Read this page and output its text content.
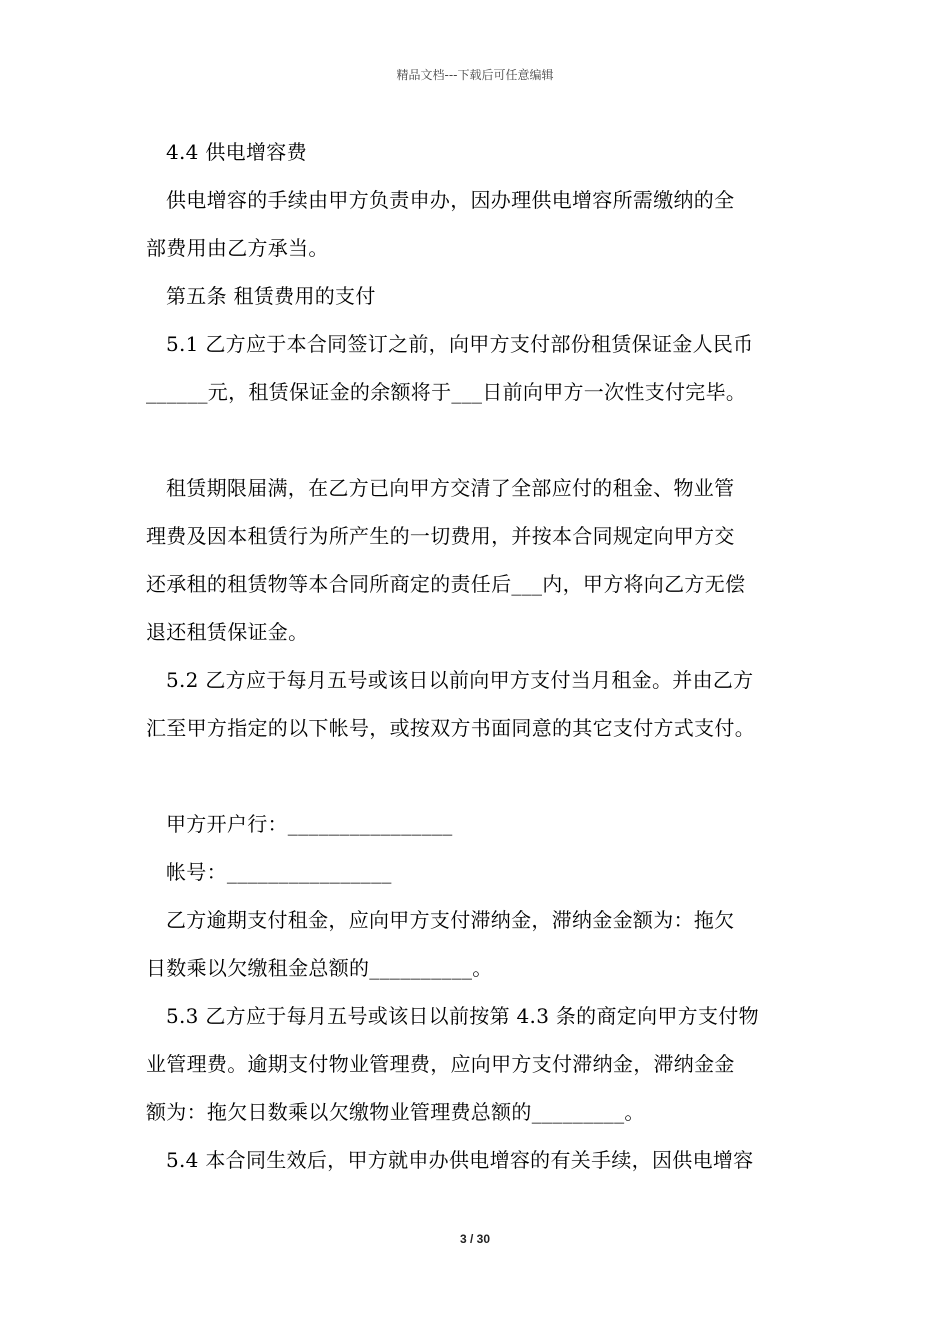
精品文档---下载后可任意编辑
4.4 供电增容费
供电增容的手续由甲方负责申办，因办理供电增容所需缴纳的全
部费用由乙方承当。
第五条 租赁费用的支付
5.1 乙方应于本合同签订之前，向甲方支付部份租赁保证金人民币
______元，租赁保证金的余额将于___日前向甲方一次性支付完毕。
租赁期限届满，在乙方已向甲方交清了全部应付的租金、物业管
理费及因本租赁行为所产生的一切费用，并按本合同规定向甲方交
还承租的租赁物等本合同所商定的责任后___内，甲方将向乙方无偿
退还租赁保证金。
5.2 乙方应于每月五号或该日以前向甲方支付当月租金。并由乙方
汇至甲方指定的以下帐号，或按双方书面同意的其它支付方式支付。
甲方开户行：________________
帐号：________________
乙方逾期支付租金，应向甲方支付滞纳金，滞纳金金额为：拖欠
日数乘以欠缴租金总额的__________。
5.3 乙方应于每月五号或该日以前按第 4.3 条的商定向甲方支付物
业管理费。逾期支付物业管理费，应向甲方支付滞纳金，滞纳金金
额为：拖欠日数乘以欠缴物业管理费总额的_________。
5.4 本合同生效后，甲方就申办供电增容的有关手续，因供电增容
3 / 30
